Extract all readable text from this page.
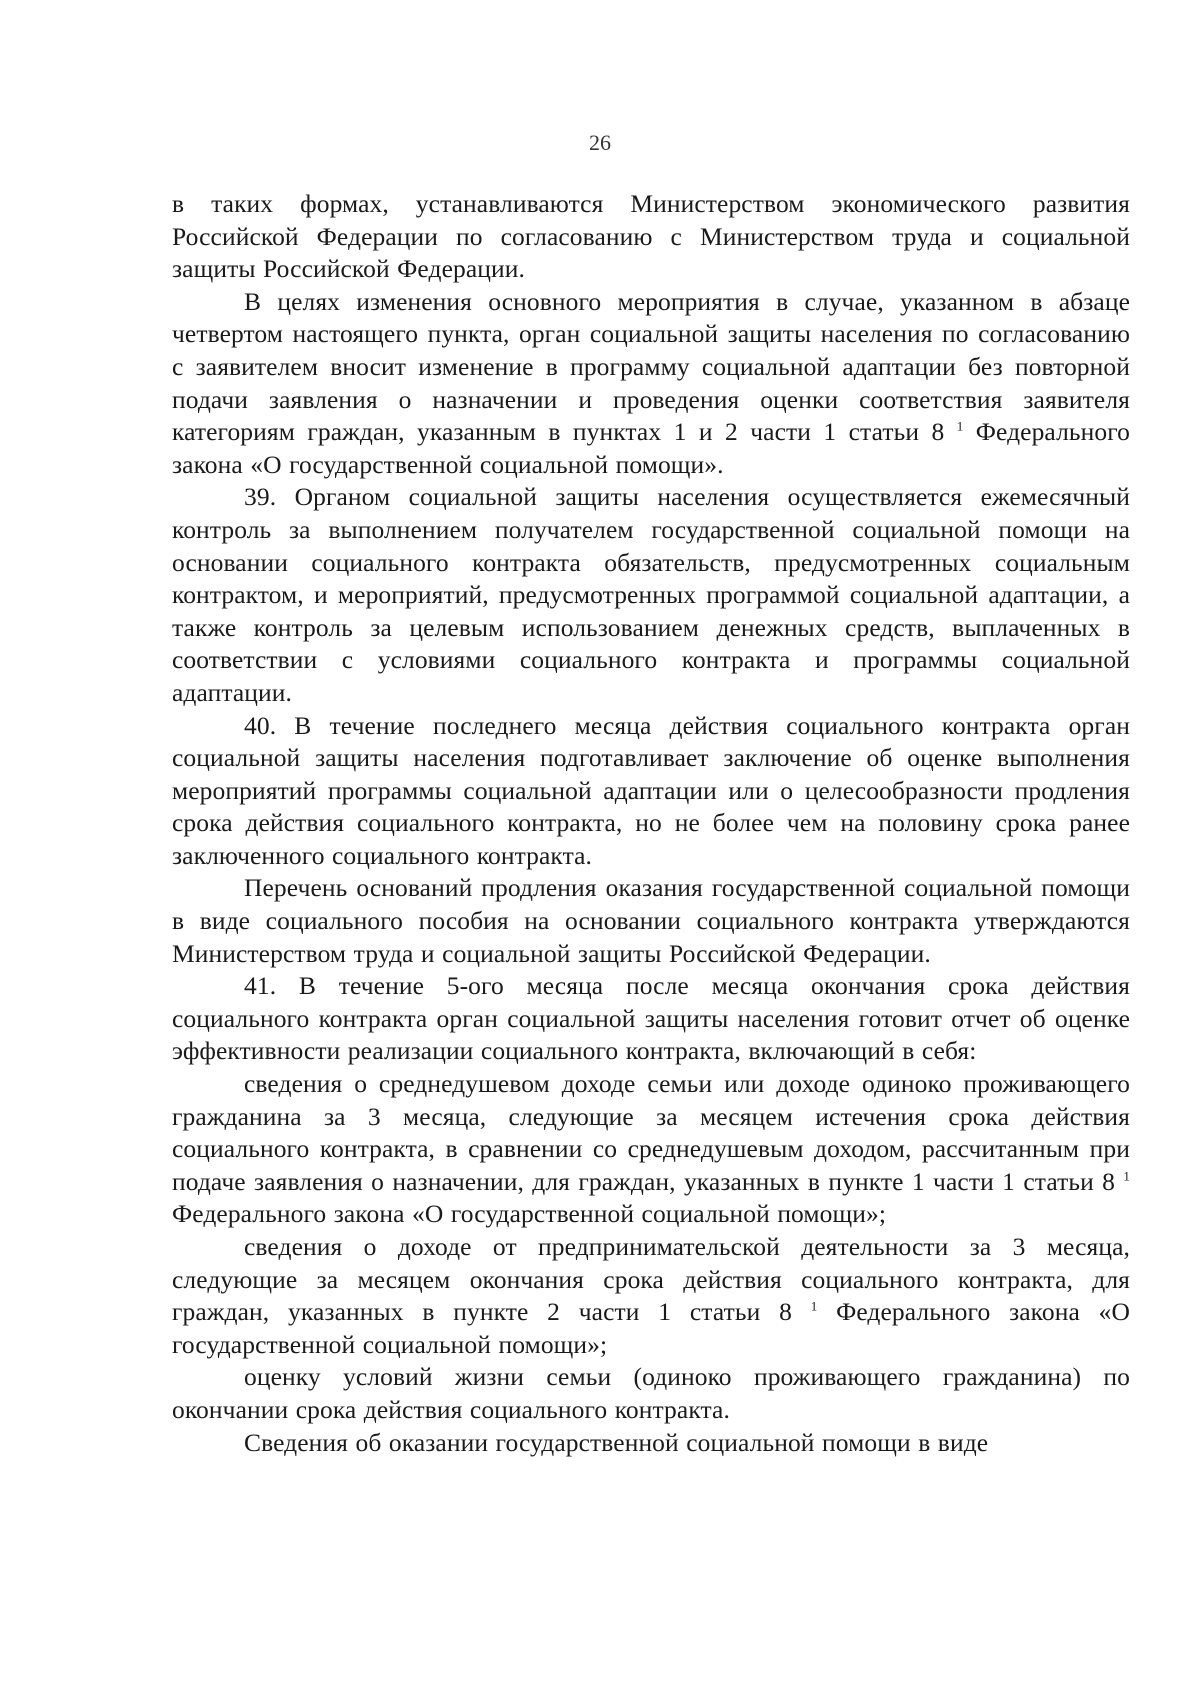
26

в таких формах, устанавливаются Министерством экономического развития Российской Федерации по согласованию с Министерством труда и социальной защиты Российской Федерации.

В целях изменения основного мероприятия в случае, указанном в абзаце четвертом настоящего пункта, орган социальной защиты населения по согласованию с заявителем вносит изменение в программу социальной адаптации без повторной подачи заявления о назначении и проведения оценки соответствия заявителя категориям граждан, указанным в пунктах 1 и 2 части 1 статьи 8 $^1$ Федерального закона «О государственной социальной помощи».

39. Органом социальной защиты населения осуществляется ежемесячный контроль за выполнением получателем государственной социальной помощи на основании социального контракта обязательств, предусмотренных социальным контрактом, и мероприятий, предусмотренных программой социальной адаптации, а также контроль за целевым использованием денежных средств, выплаченных в соответствии с условиями социального контракта и программы социальной адаптации.

40. В течение последнего месяца действия социального контракта орган социальной защиты населения подготавливает заключение об оценке выполнения мероприятий программы социальной адаптации или о целесообразности продления срока действия социального контракта, но не более чем на половину срока ранее заключенного социального контракта.

Перечень оснований продления оказания государственной социальной помощи в виде социального пособия на основании социального контракта утверждаются Министерством труда и социальной защиты Российской Федерации.

41. В течение 5-ого месяца после месяца окончания срока действия социального контракта орган социальной защиты населения готовит отчет об оценке эффективности реализации социального контракта, включающий в себя:

сведения о среднедушевом доходе семьи или доходе одиноко проживающего гражданина за 3 месяца, следующие за месяцем истечения срока действия социального контракта, в сравнении со среднедушевым доходом, рассчитанным при подаче заявления о назначении, для граждан, указанных в пункте 1 части 1 статьи 8 $^1$ Федерального закона «О государственной социальной помощи»;

сведения о доходе от предпринимательской деятельности за 3 месяца, следующие за месяцем окончания срока действия социального контракта, для граждан, указанных в пункте 2 части 1 статьи 8 $^1$ Федерального закона «О государственной социальной помощи»;

оценку условий жизни семьи (одиноко проживающего гражданина) по окончании срока действия социального контракта.

Сведения об оказании государственной социальной помощи в виде
